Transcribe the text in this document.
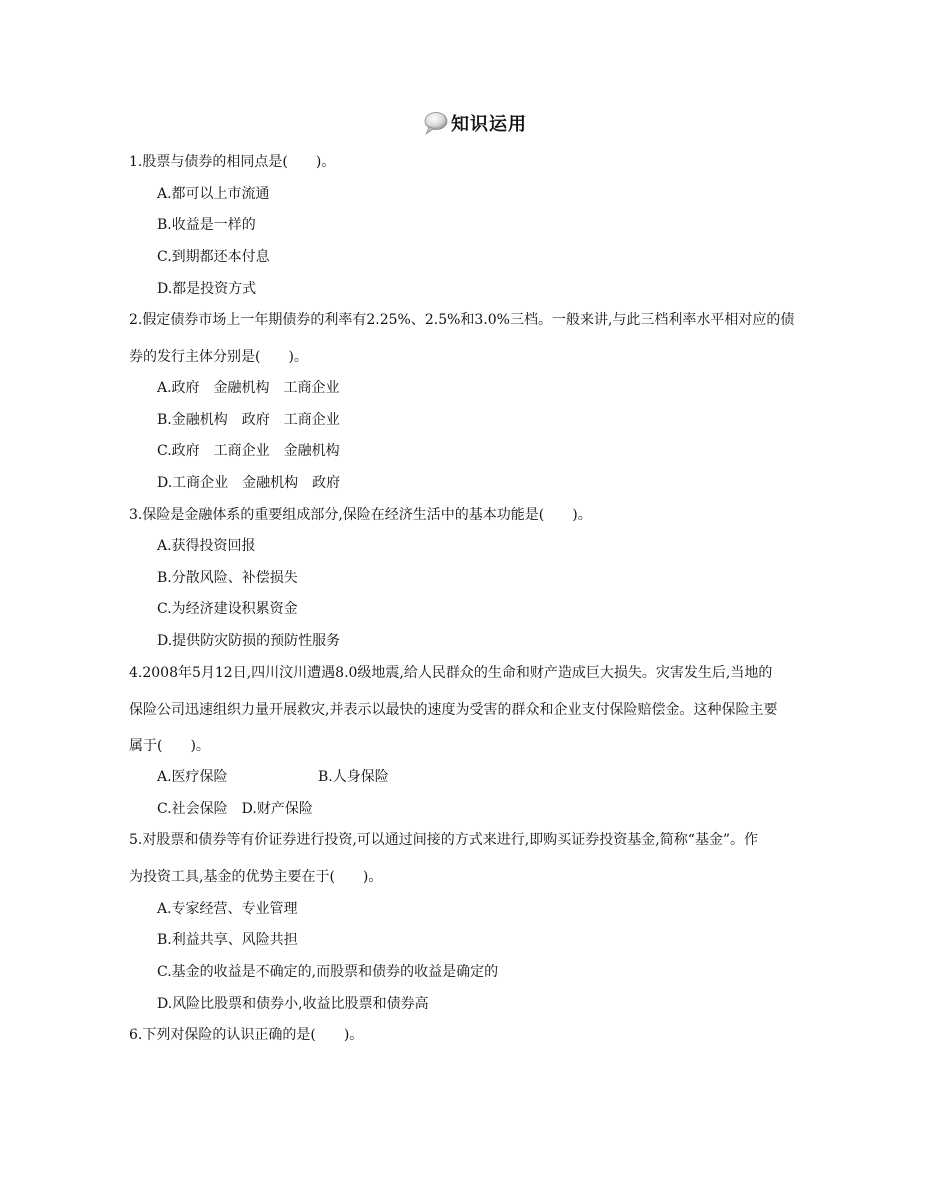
知识运用
1.股票与债券的相同点是(　　)。
A.都可以上市流通
B.收益是一样的
C.到期都还本付息
D.都是投资方式
2.假定债券市场上一年期债券的利率有2.25%、2.5%和3.0%三档。一般来讲,与此三档利率水平相对应的债
券的发行主体分别是(　　)。
A.政府　金融机构　工商企业
B.金融机构　政府　工商企业
C.政府　工商企业　金融机构
D.工商企业　金融机构　政府
3.保险是金融体系的重要组成部分,保险在经济生活中的基本功能是(　　)。
A.获得投资回报
B.分散风险、补偿损失
C.为经济建设积累资金
D.提供防灾防损的预防性服务
4.2008年5月12日,四川汶川遭遇8.0级地震,给人民群众的生命和财产造成巨大损失。灾害发生后,当地的
保险公司迅速组织力量开展救灾,并表示以最快的速度为受害的群众和企业支付保险赔偿金。这种保险主要
属于(　　)。
A.医疗保险	B.人身保险
C.社会保险　D.财产保险
5.对股票和债券等有价证券进行投资,可以通过间接的方式来进行,即购买证券投资基金,简称“基金”。作
为投资工具,基金的优势主要在于(　　)。
A.专家经营、专业管理
B.利益共享、风险共担
C.基金的收益是不确定的,而股票和债券的收益是确定的
D.风险比股票和债券小,收益比股票和债券高
6.下列对保险的认识正确的是(　　)。
